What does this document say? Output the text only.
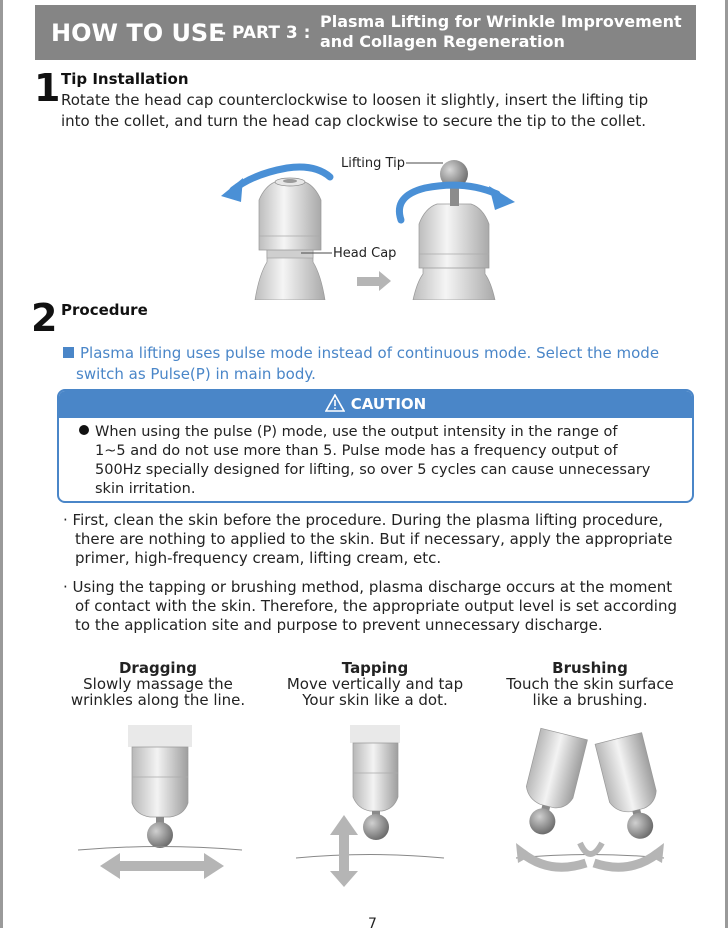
HOW TO USE
- PART 3 :
Plasma Lifting for Wrinkle Improvement
and Collagen Regeneration
1 Tip Installation
Rotate the head cap counterclockwise to loosen it slightly, insert the lifting tip
into the collet, and turn the head cap clockwise to secure the tip to the collet.
Lifting Tip
Head Cap
2 Procedure
Plasma lifting uses pulse mode instead of continuous mode. Select the mode
switch as Pulse(P) in main body.
CAUTION
When using the pulse (P) mode, use the output intensity in the range of
1~5 and do not use more than 5. Pulse mode has a frequency output of
500Hz specially designed for lifting, so over 5 cycles can cause unnecessary
skin irritation.
· First, clean the skin before the procedure. During the plasma lifting procedure,
there are nothing to applied to the skin. But if necessary, apply the appropriate
primer, high-frequency cream, lifting cream, etc.
· Using the tapping or brushing method, plasma discharge occurs at the moment
of contact with the skin. Therefore, the appropriate output level is set according
to the application site and purpose to prevent unnecessary discharge.
Dragging
Slowly massage the
wrinkles along the line.
Tapping
Move vertically and tap
Your skin like a dot.
Brushing
Touch the skin surface
like a brushing.
7
